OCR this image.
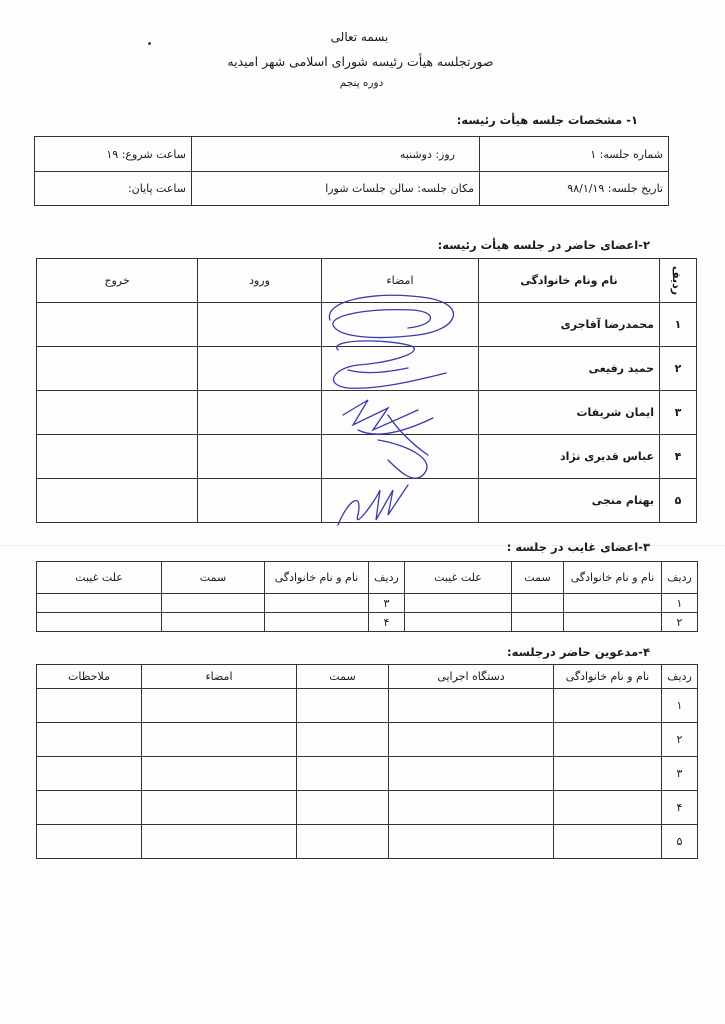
بسمه تعالی
صورتجلسه هیأت رئیسه شورای اسلامی شهر امیدیه
دوره پنجم
۱- مشخصات جلسه هیأت رئیسه:
شماره جلسه: ۱	روز: دوشنبه	ساعت شروع: ۱۹
تاریخ جلسه: ۹۸/۱/۱۹	مکان جلسه: سالن جلسات شورا	ساعت پایان:
۲-اعضای حاضر در جلسه هیأت رئیسه:
ردیف	نام ونام خانوادگی	امضاء	ورود	خروج
۱	محمدرضا آقاجری			
۲	حمید رفیعی			
۳	ایمان شریفات			
۴	عباس قدیری نژاد			
۵	بهنام منجی			
۳-اعضای غایب در جلسه :
ردیف	نام و نام خانوادگی	سمت	علت غیبت	ردیف	نام و نام خانوادگی	سمت	علت غیبت
۱				۳			
۲				۴			
۴-مدعوین حاضر درجلسه:
ردیف	نام و نام خانوادگی	دستگاه اجرایی	سمت	امضاء	ملاحظات
۱					
۲					
۳					
۴					
۵					
